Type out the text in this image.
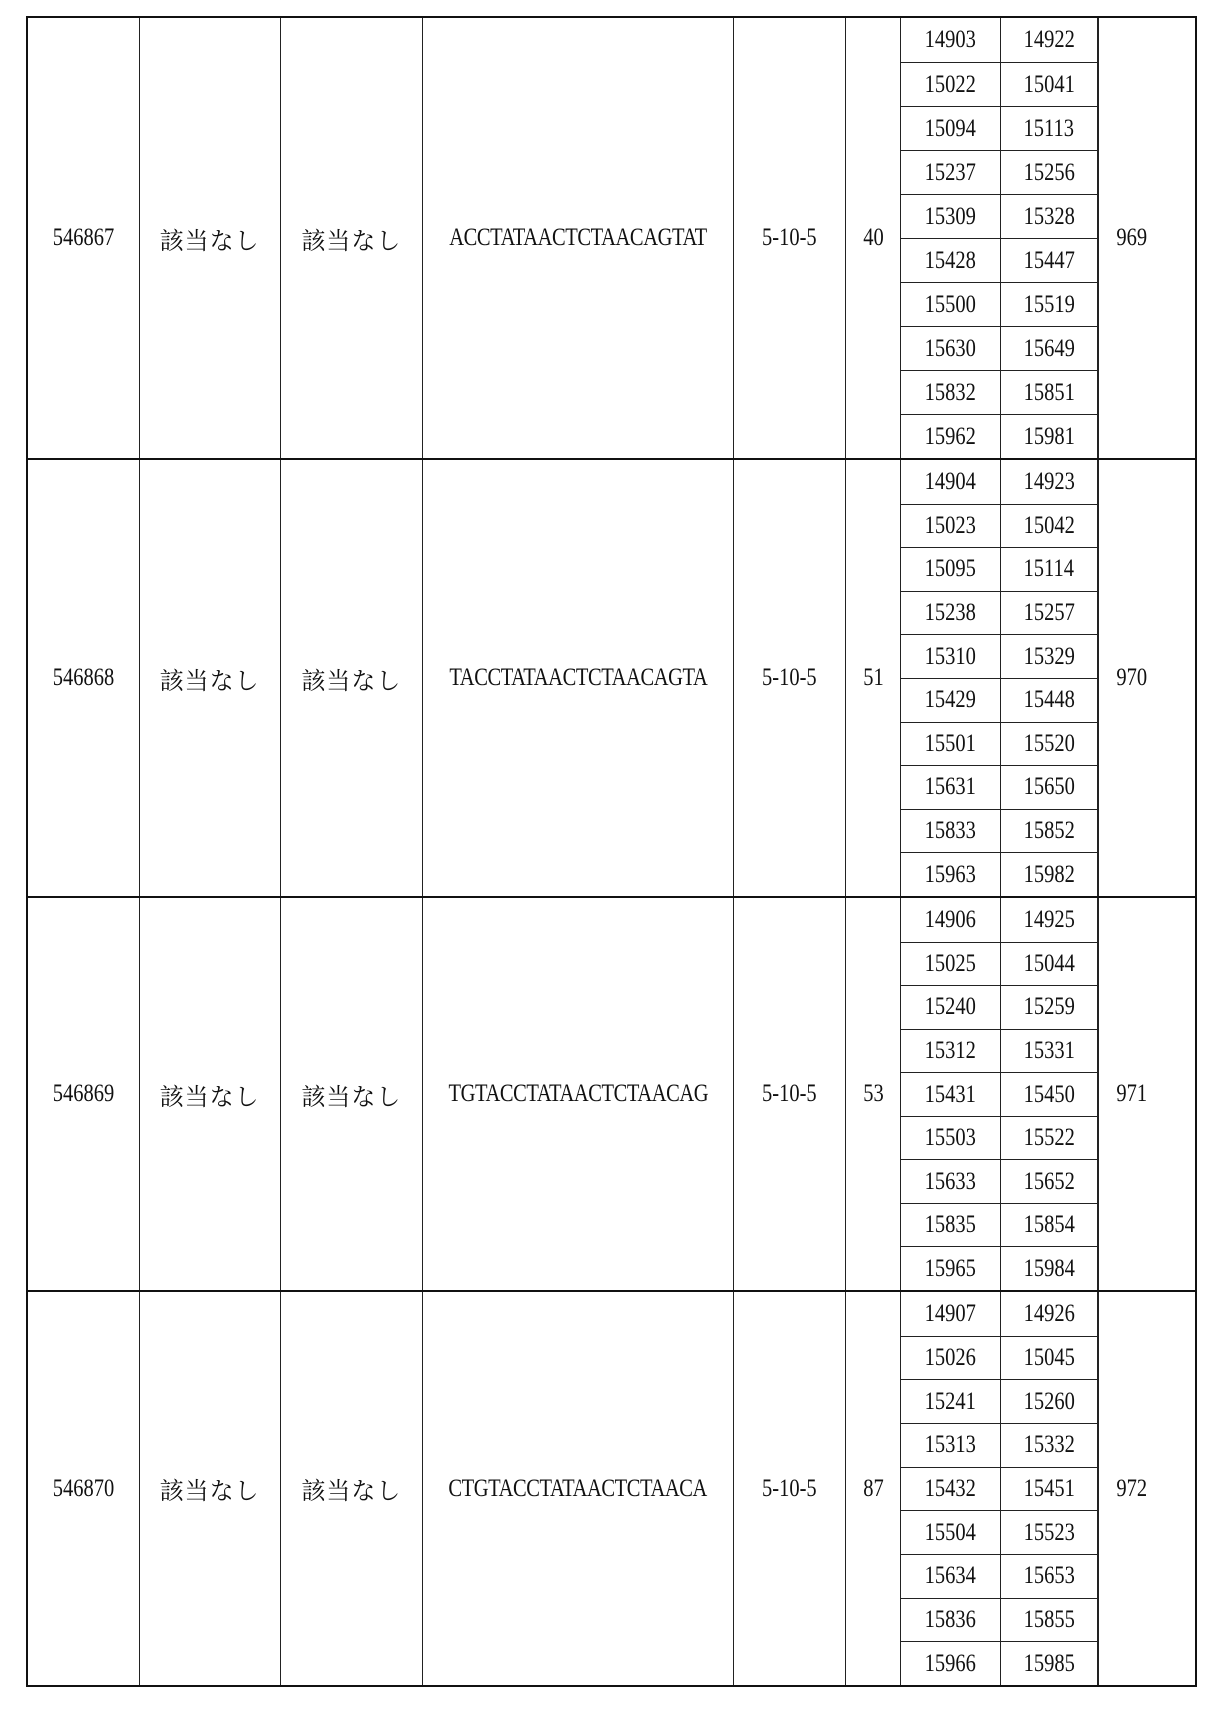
546867 該当なし 該当なし ACCTATAACTCTAACAGTAT 5-10-5 40
14903 14922
15022 15041
15094 15113
15237 15256
15309 15328
15428 15447
15500 15519
15630 15649
15832 15851
15962 15981
969
546868 該当なし 該当なし TACCTATAACTCTAACAGTA 5-10-5 51
14904 14923
15023 15042
15095 15114
15238 15257
15310 15329
15429 15448
15501 15520
15631 15650
15833 15852
15963 15982
970
546869 該当なし 該当なし TGTACCTATAACTCTAACAG 5-10-5 53
14906 14925
15025 15044
15240 15259
15312 15331
15431 15450
15503 15522
15633 15652
15835 15854
15965 15984
971
546870 該当なし 該当なし CTGTACCTATAACTCTAACA 5-10-5 87
14907 14926
15026 15045
15241 15260
15313 15332
15432 15451
15504 15523
15634 15653
15836 15855
15966 15985
972
